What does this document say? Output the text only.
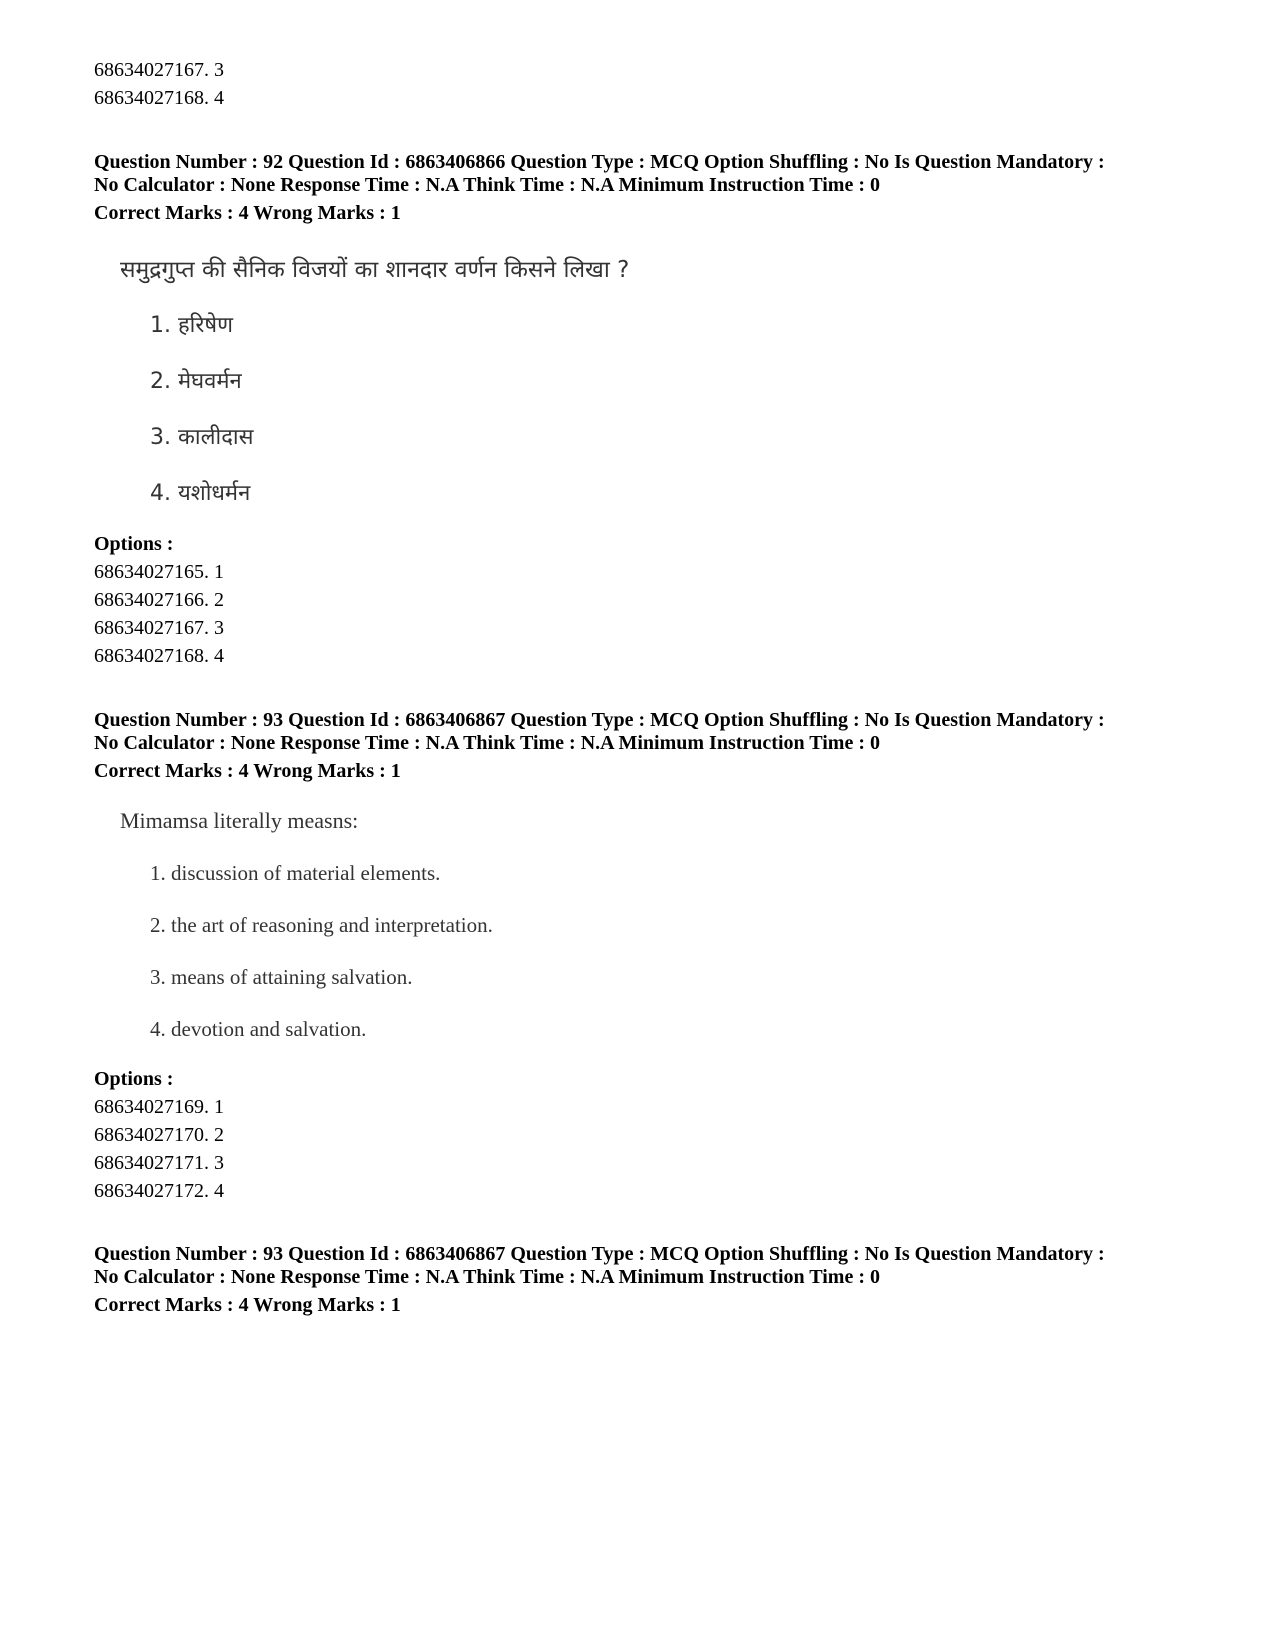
68634027167. 3
68634027168. 4
Question Number : 92 Question Id : 6863406866 Question Type : MCQ Option Shuffling : No Is Question Mandatory :
No Calculator : None Response Time : N.A Think Time : N.A Minimum Instruction Time : 0
Correct Marks : 4 Wrong Marks : 1
समुद्रगुप्त की सैनिक विजयों का शानदार वर्णन किसने लिखा ?
1. हरिषेण
2. मेघवर्मन
3. कालीदास
4. यशोधर्मन
Options :
68634027165. 1
68634027166. 2
68634027167. 3
68634027168. 4
Question Number : 93 Question Id : 6863406867 Question Type : MCQ Option Shuffling : No Is Question Mandatory :
No Calculator : None Response Time : N.A Think Time : N.A Minimum Instruction Time : 0
Correct Marks : 4 Wrong Marks : 1
Mimamsa literally measns:
1. discussion of material elements.
2. the art of reasoning and interpretation.
3. means of attaining salvation.
4. devotion and salvation.
Options :
68634027169. 1
68634027170. 2
68634027171. 3
68634027172. 4
Question Number : 93 Question Id : 6863406867 Question Type : MCQ Option Shuffling : No Is Question Mandatory :
No Calculator : None Response Time : N.A Think Time : N.A Minimum Instruction Time : 0
Correct Marks : 4 Wrong Marks : 1
